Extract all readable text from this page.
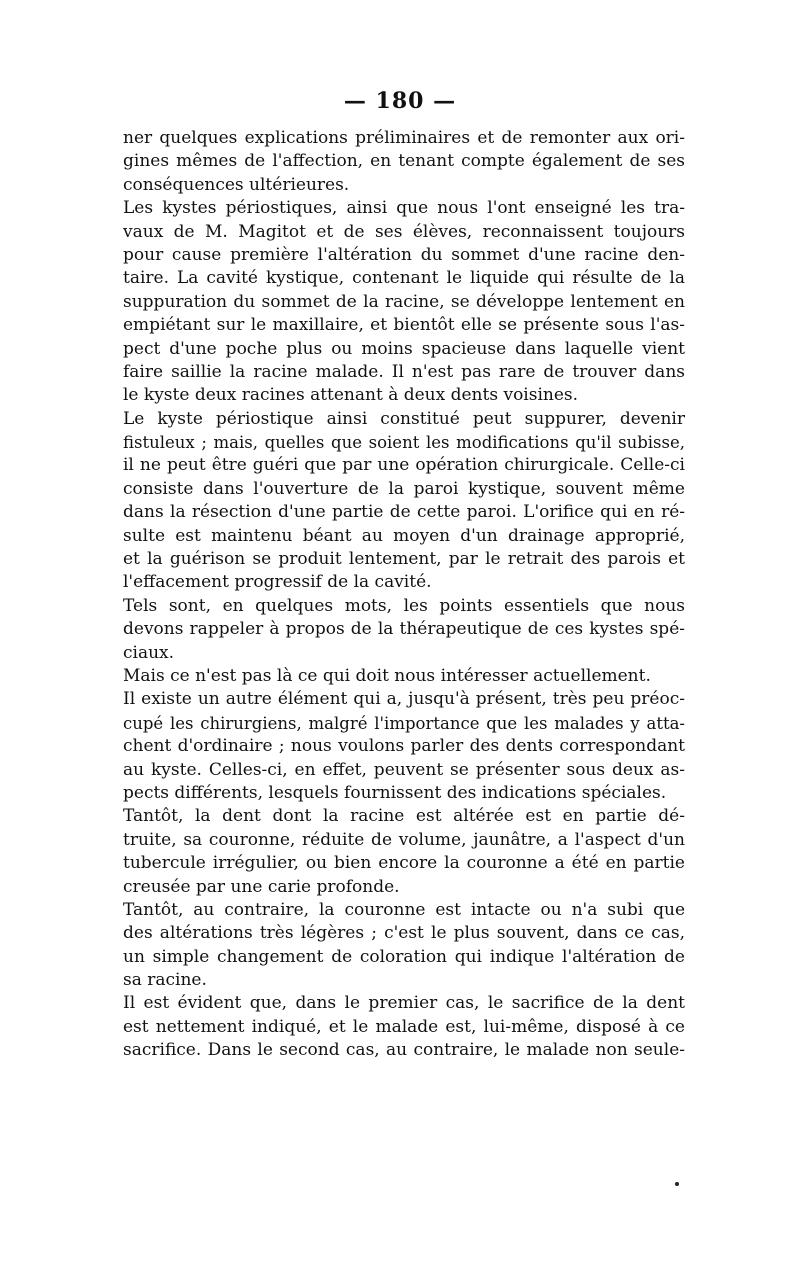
— 180 —
ner quelques explications préliminaires et de remonter aux ori-
gines mêmes de l'affection, en tenant compte également de ses
conséquences ultérieures.
Les kystes périostiques, ainsi que nous l'ont enseigné les tra-
vaux de M. Magitot et de ses élèves, reconnaissent toujours
pour cause première l'altération du sommet d'une racine den-
taire. La cavité kystique, contenant le liquide qui résulte de la
suppuration du sommet de la racine, se développe lentement en
empiétant sur le maxillaire, et bientôt elle se présente sous l'as-
pect d'une poche plus ou moins spacieuse dans laquelle vient
faire saillie la racine malade. Il n'est pas rare de trouver dans
le kyste deux racines attenant à deux dents voisines.
Le kyste périostique ainsi constitué peut suppurer, devenir
fistuleux ; mais, quelles que soient les modifications qu'il subisse,
il ne peut être guéri que par une opération chirurgicale. Celle-ci
consiste dans l'ouverture de la paroi kystique, souvent même
dans la résection d'une partie de cette paroi. L'orifice qui en ré-
sulte est maintenu béant au moyen d'un drainage approprié,
et la guérison se produit lentement, par le retrait des parois et
l'effacement progressif de la cavité.
Tels sont, en quelques mots, les points essentiels que nous
devons rappeler à propos de la thérapeutique de ces kystes spé-
ciaux.
Mais ce n'est pas là ce qui doit nous intéresser actuellement.
Il existe un autre élément qui a, jusqu'à présent, très peu préoc-
cupé les chirurgiens, malgré l'importance que les malades y atta-
chent d'ordinaire ; nous voulons parler des dents correspondant
au kyste. Celles-ci, en effet, peuvent se présenter sous deux as-
pects différents, lesquels fournissent des indications spéciales.
Tantôt, la dent dont la racine est altérée est en partie dé-
truite, sa couronne, réduite de volume, jaunâtre, a l'aspect d'un
tubercule irrégulier, ou bien encore la couronne a été en partie
creusée par une carie profonde.
Tantôt, au contraire, la couronne est intacte ou n'a subi que
des altérations très légères ; c'est le plus souvent, dans ce cas,
un simple changement de coloration qui indique l'altération de
sa racine.
Il est évident que, dans le premier cas, le sacrifice de la dent
est nettement indiqué, et le malade est, lui-même, disposé à ce
sacrifice. Dans le second cas, au contraire, le malade non seule-
